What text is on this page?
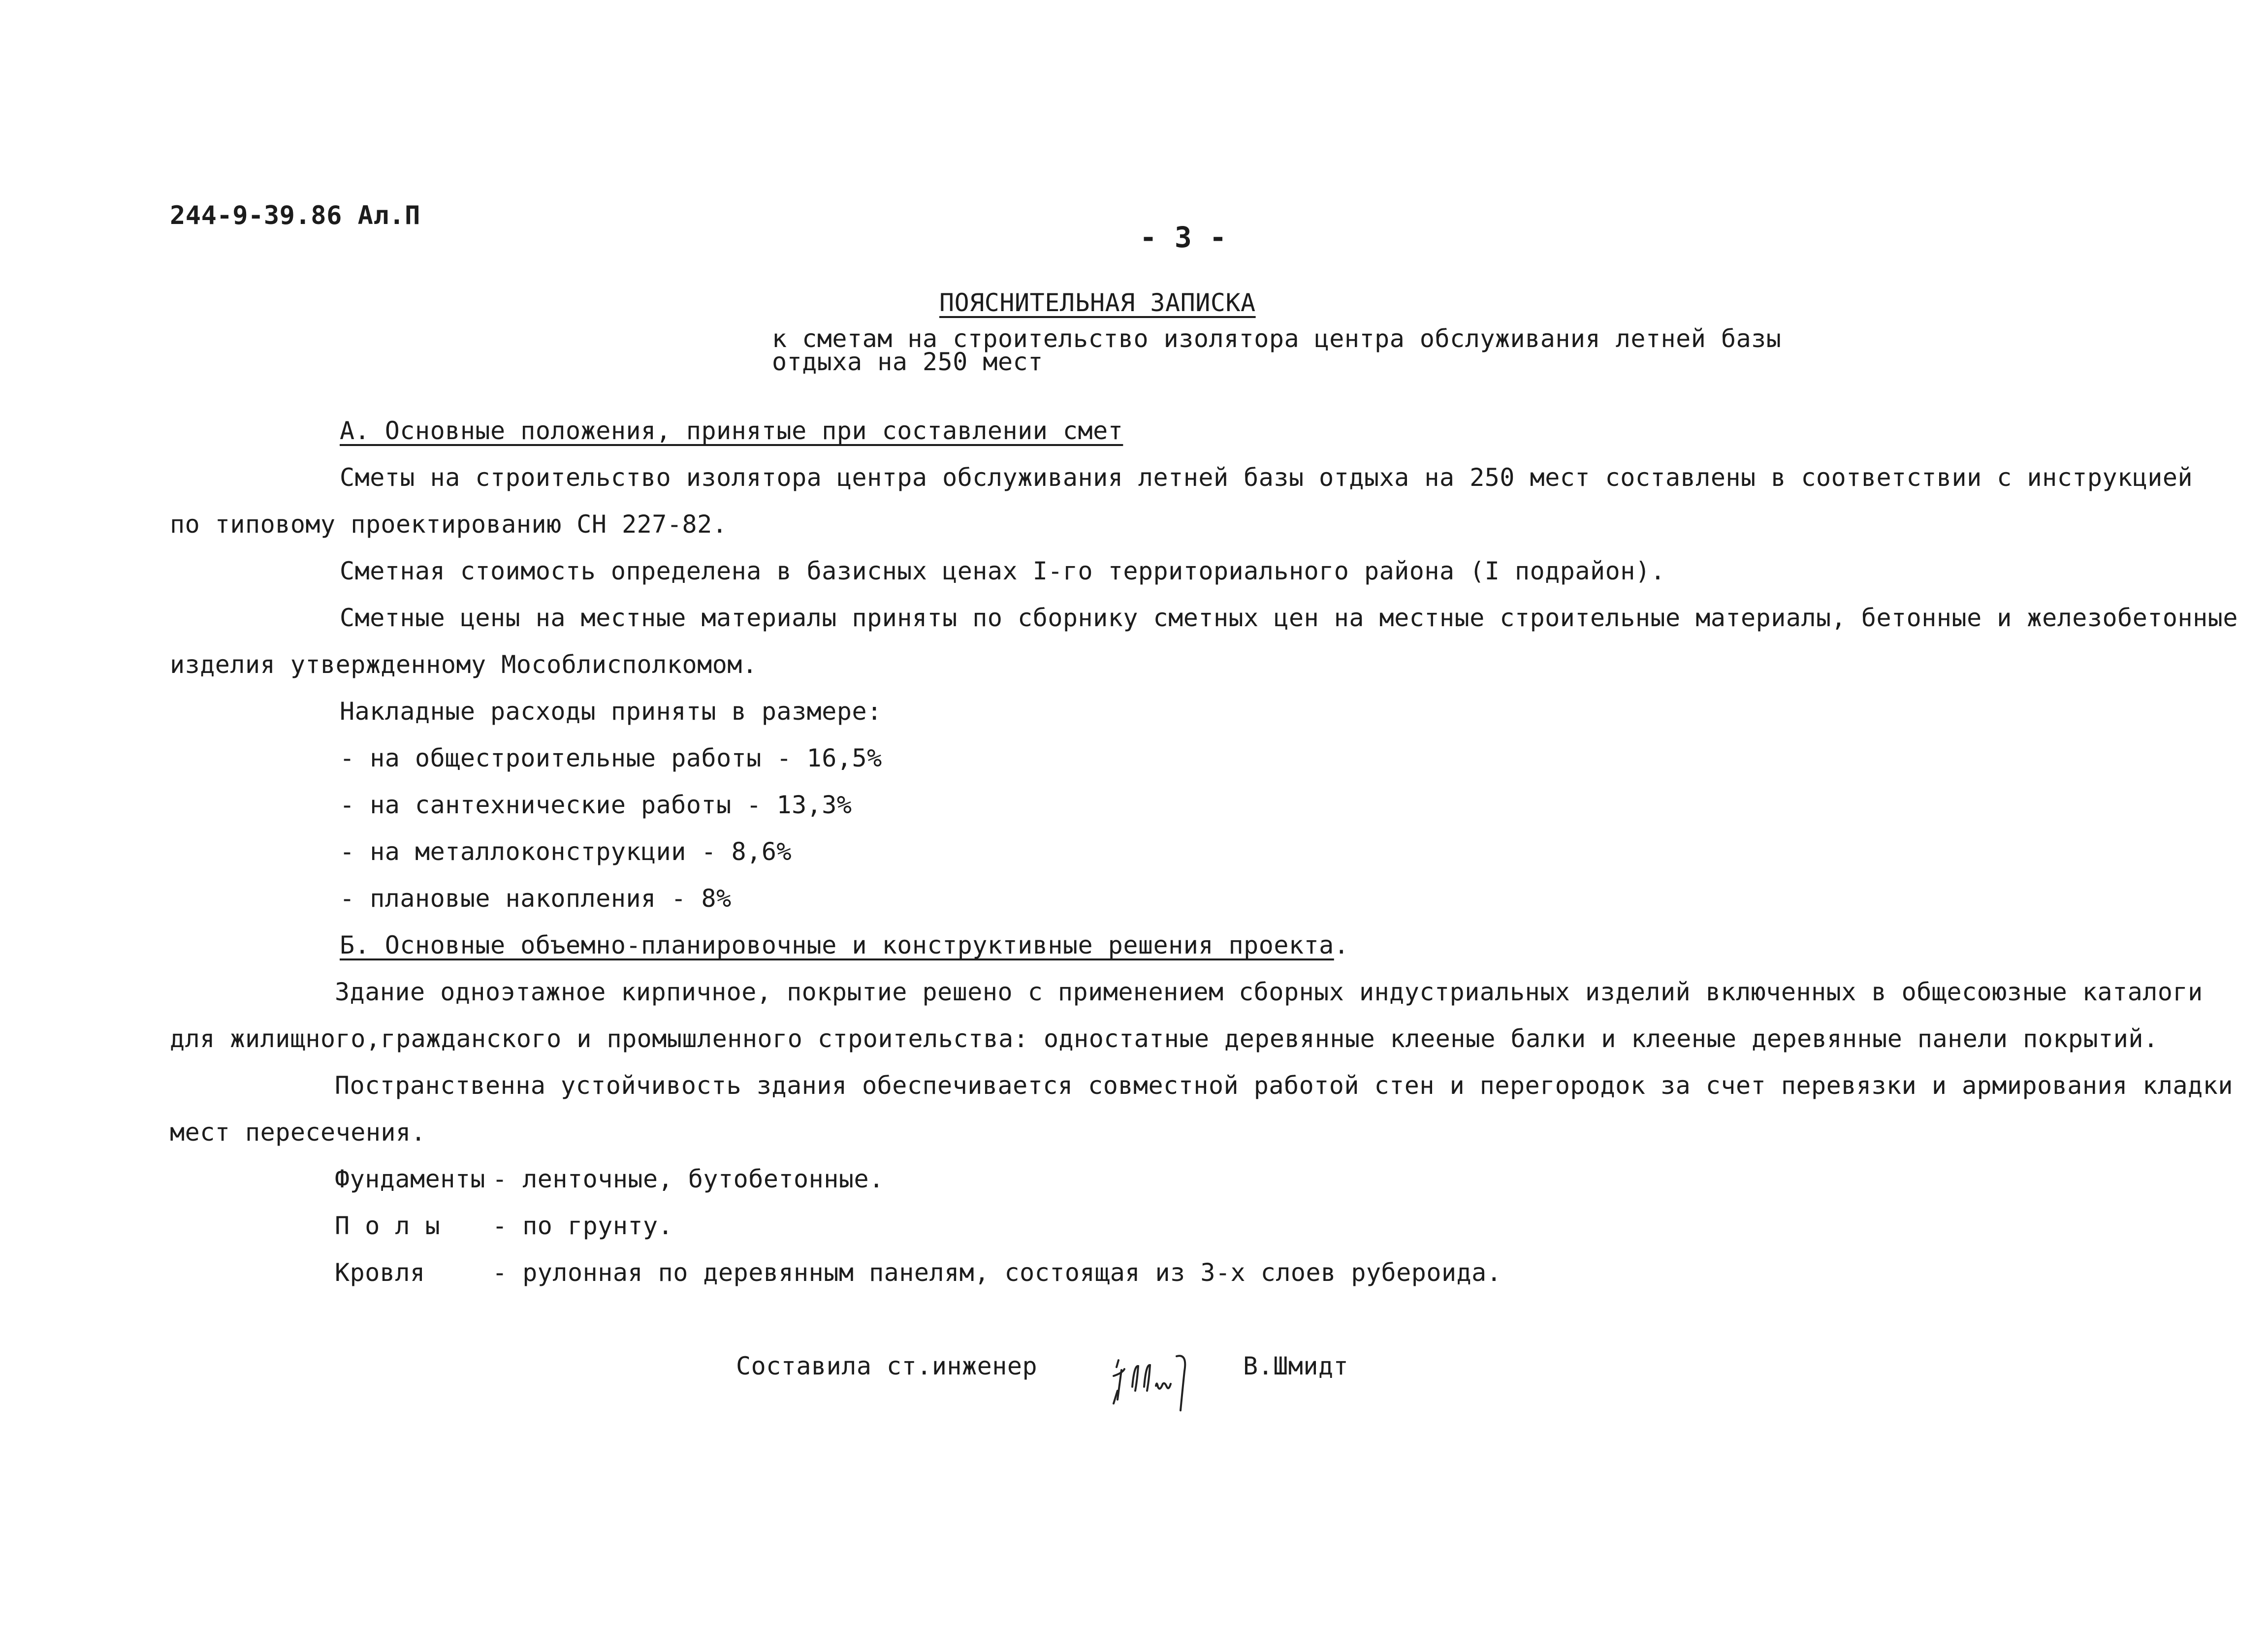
244-9-39.86 Ал.П
- 3 -
ПОЯСНИТЕЛЬНАЯ ЗАПИСКА
к сметам на строительство изолятора центра обслуживания летней базы
отдыха на 250 мест
А. Основные положения, принятые при составлении смет
Сметы на строительство изолятора центра обслуживания летней базы отдыха на 250 мест составлены в соответствии с инструкцией
по типовому проектированию СН 227-82.
Сметная стоимость определена в базисных ценах I-го территориального района (I подрайон).
Сметные цены на местные материалы приняты по сборнику сметных цен на местные строительные материалы, бетонные и железобетонные
изделия утвержденному Мособлисполкомом.
Накладные расходы приняты в размере:
- на общестроительные работы - 16,5%
- на сантехнические работы - 13,3%
- на металлоконструкции - 8,6%
- плановые накопления - 8%
Б. Основные объемно-планировочные и конструктивные решения проекта.
Здание одноэтажное кирпичное, покрытие решено с применением сборных индустриальных изделий включенных в общесоюзные каталоги
для жилищного,гражданского и промышленного строительства: одностатные деревянные клееные балки и клееные деревянные панели покрытий.
Постранственна устойчивость здания обеспечивается совместной работой стен и перегородок за счет перевязки и армирования кладки
мест пересечения.
Фундаменты - ленточные, бутобетонные.
П о л ы - по грунту.
Кровля	- рулонная по деревянным панелям, состоящая из 3-х слоев рубероида.
Составила ст.инженер	В.Шмидт
